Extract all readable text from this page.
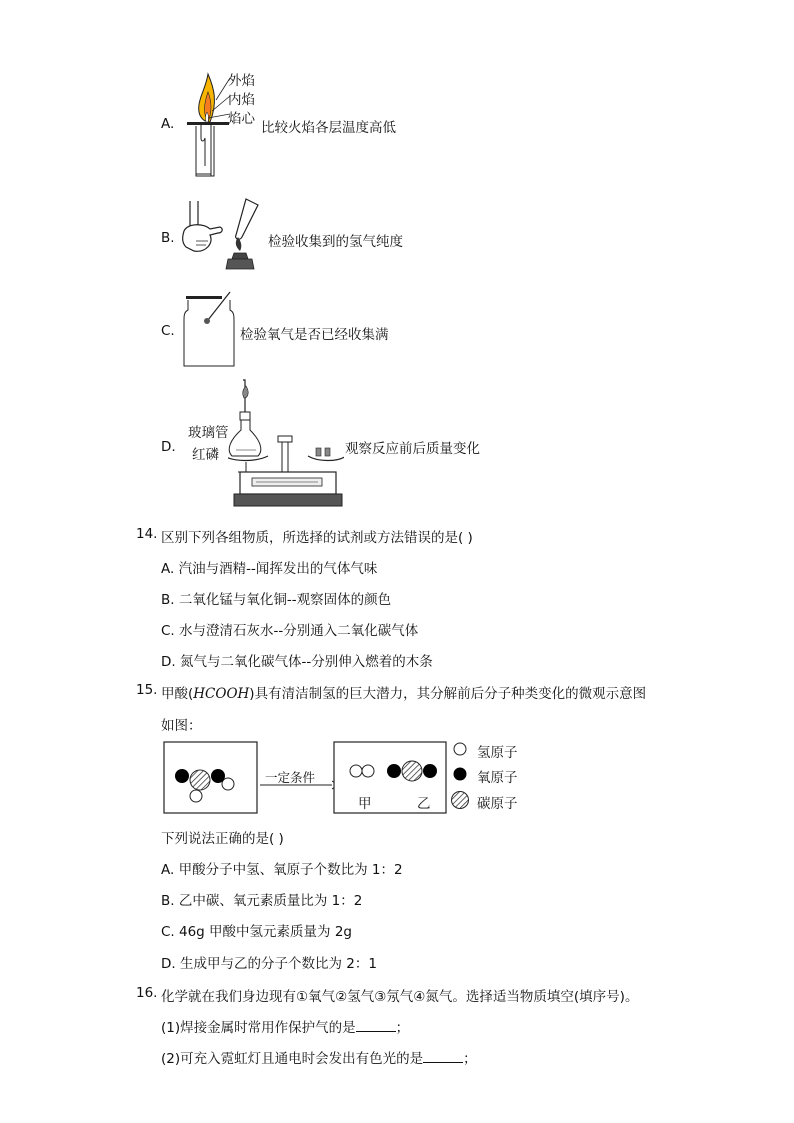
A.
外焰
内焰
焰心
比较火焰各层温度高低
B.	检验收集到的氢气纯度
C.	检验氧气是否已经收集满
D.
玻璃管
红磷	观察反应前后质量变化
14. 区别下列各组物质，所选择的试剂或方法错误的是( )
A. 汽油与酒精--闻挥发出的气体气味
B. 二氧化锰与氧化铜--观察固体的颜色
C. 水与澄清石灰水--分别通入二氧化碳气体
D. 氮气与二氧化碳气体--分别伸入燃着的木条
15. 甲酸(HCOOH)具有清洁制氢的巨大潜力，其分解前后分子种类变化的微观示意图
如图：
一定条件
甲	乙
氢原子
氧原子
碳原子
下列说法正确的是( )
A. 甲酸分子中氢、氧原子个数比为 1：2
B. 乙中碳、氧元素质量比为 1：2
C. 46g 甲酸中氢元素质量为 2g
D. 生成甲与乙的分子个数比为 2：1
16. 化学就在我们身边现有①氧气②氢气③氖气④氮气。选择适当物质填空(填序号)。
(1)焊接金属时常用作保护气的是	；
(2)可充入霓虹灯且通电时会发出有色光的是	；
